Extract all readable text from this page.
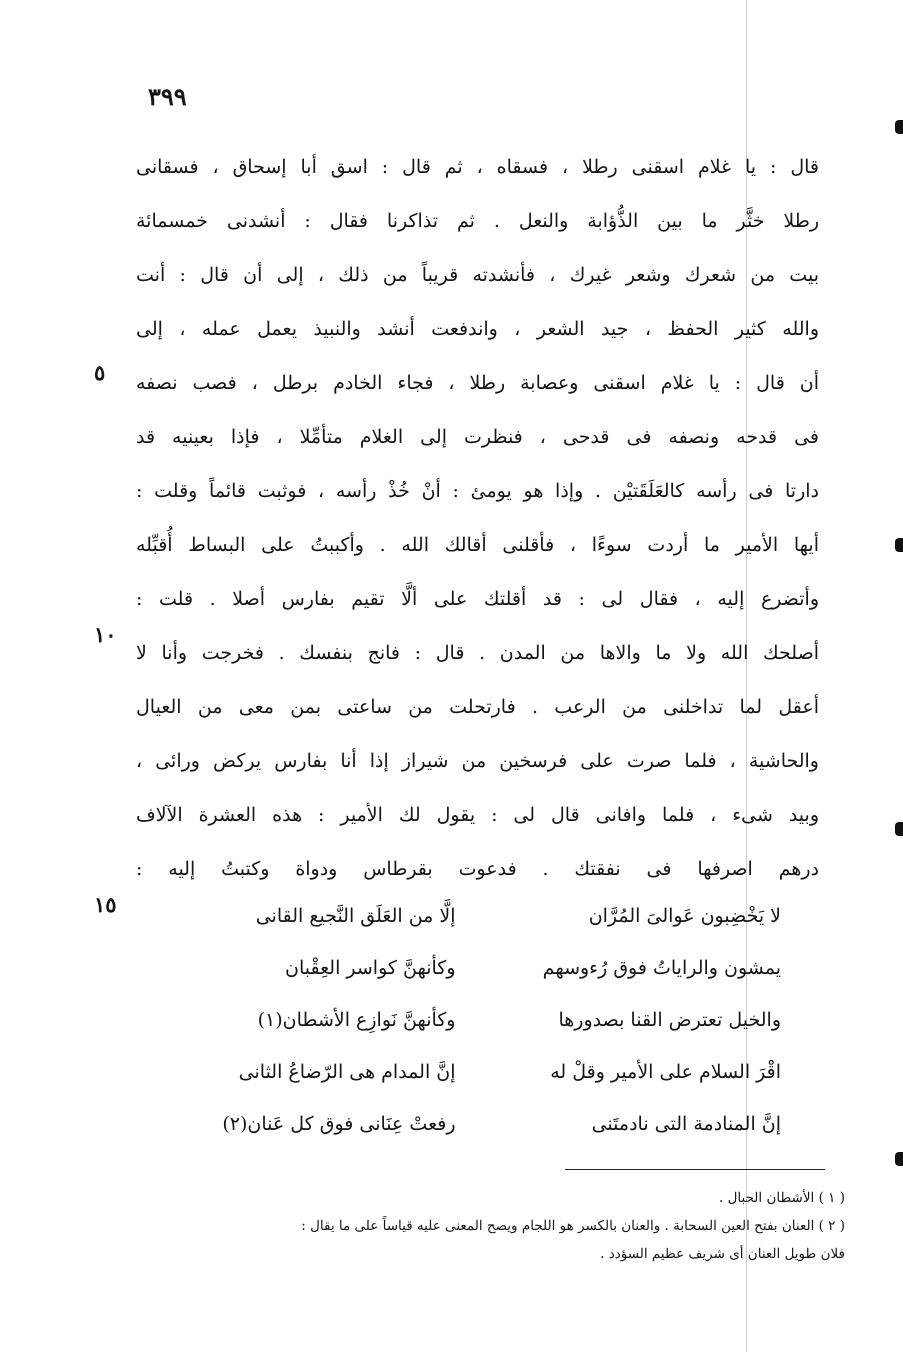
٣٩٩
قال : يا غلام اسقنى رطلا ، فسقاه ، ثم قال : اسق أبا إسحاق ، فسقانى
رطلا خثَّر ما بين الذُّؤابة والنعل . ثم تذاكرنا فقال : أنشدنى خمسمائة
بيت من شعرك وشعر غيرك ، فأنشدته قريباً من ذلك ، إلى أن قال : أنت
والله كثير الحفظ ، جيد الشعر ، واندفعت أنشد والنبيذ يعمل عمله ، إلى
أن قال : يا غلام اسقنى وعصابة رطلا ، فجاء الخادم برطل ، فصب نصفه
فى قدحه ونصفه فى قدحى ، فنظرت إلى الغلام متأمِّلا ، فإذا بعينيه قد
دارتا فى رأسه كالعَلَقَتيْن . وإذا هو يومئ : أنْ خُذْ رأسه ، فوثبت قائماً وقلت :
أيها الأمير ما أردت سوءًا ، فأقلنى أقالك الله . وأكببتُ على البساط أُقبِّله
وأتضرع إليه ، فقال لى : قد أقلتك على ألَّا تقيم بفارس أصلا . قلت :
أصلحك الله ولا ما والاها من المدن . قال : فانج بنفسك . فخرجت وأنا لا
أعقل لما تداخلنى من الرعب . فارتحلت من ساعتى بمن معى من العيال
والحاشية ، فلما صرت على فرسخين من شيراز إذا أنا بفارس يركض ورائى ،
وبيد شىء ، فلما وافانى قال لى : يقول لك الأمير : هذه العشرة الآلاف
درهم اصرفها فى نفقتك . فدعوت بقرطاس ودواة وكتبتُ إليه :
٥
١٠
١٥	لا يَخْضِبون عَوالىَ المُرَّان
إلَّا من العَلَق النَّجيع القانى
يمشون والراياتُ فوق رُءوسهم
وكأنهنَّ كواسر العِقْبان
والخيل تعترض القنا بصدورها
وكأنهنَّ نَوازِع الأشطان(١)
اقْرَ السلام على الأمير وقلْ له
إنَّ المدام هى الرّضاعُ الثانى
إنَّ المنادمة التى نادمتَنى
رفعتْ عِنَانى فوق كل عَنان(٢)
( ١ ) الأشطان الحبال .
( ٢ ) العنان بفتح العين السحابة . والعنان بالكسر هو اللجام ويصح المعنى عليه قياساً على ما يقال :
فلان طويل العنان أى شريف عظيم السؤدد .
